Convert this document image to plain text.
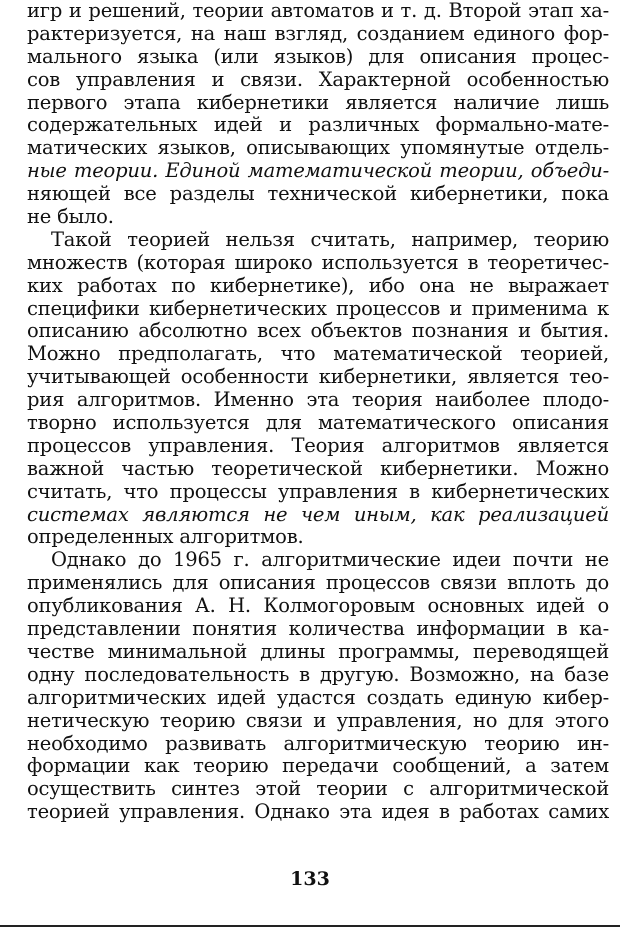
игр и решений, теории автоматов и т. д. Второй этап ха-
рактеризуется, на наш взгляд, созданием единого фор-
мального языка (или языков) для описания процес-
сов управления и связи. Характерной особенностью
первого этапа кибернетики является наличие лишь
содержательных идей и различных формально-мате-
матических языков, описывающих упомянутые отдель-
ные теории. Единой математической теории, объеди-
няющей все разделы технической кибернетики, пока
не было.
Такой теорией нельзя считать, например, теорию
множеств (которая широко используется в теоретичес-
ких работах по кибернетике), ибо она не выражает
специфики кибернетических процессов и применима к
описанию абсолютно всех объектов познания и бытия.
Можно предполагать, что математической теорией,
учитывающей особенности кибернетики, является тео-
рия алгоритмов. Именно эта теория наиболее плодо-
творно используется для математического описания
процессов управления. Теория алгоритмов является
важной частью теоретической кибернетики. Можно
считать, что процессы управления в кибернетических
системах являются не чем иным, как реализацией
определенных алгоритмов.
Однако до 1965 г. алгоритмические идеи почти не
применялись для описания процессов связи вплоть до
опубликования А. Н. Колмогоровым основных идей о
представлении понятия количества информации в ка-
честве минимальной длины программы, переводящей
одну последовательность в другую. Возможно, на базе
алгоритмических идей удастся создать единую кибер-
нетическую теорию связи и управления, но для этого
необходимо развивать алгоритмическую теорию ин-
формации как теорию передачи сообщений, а затем
осуществить синтез этой теории с алгоритмической
теорией управления. Однако эта идея в работах самих
133
